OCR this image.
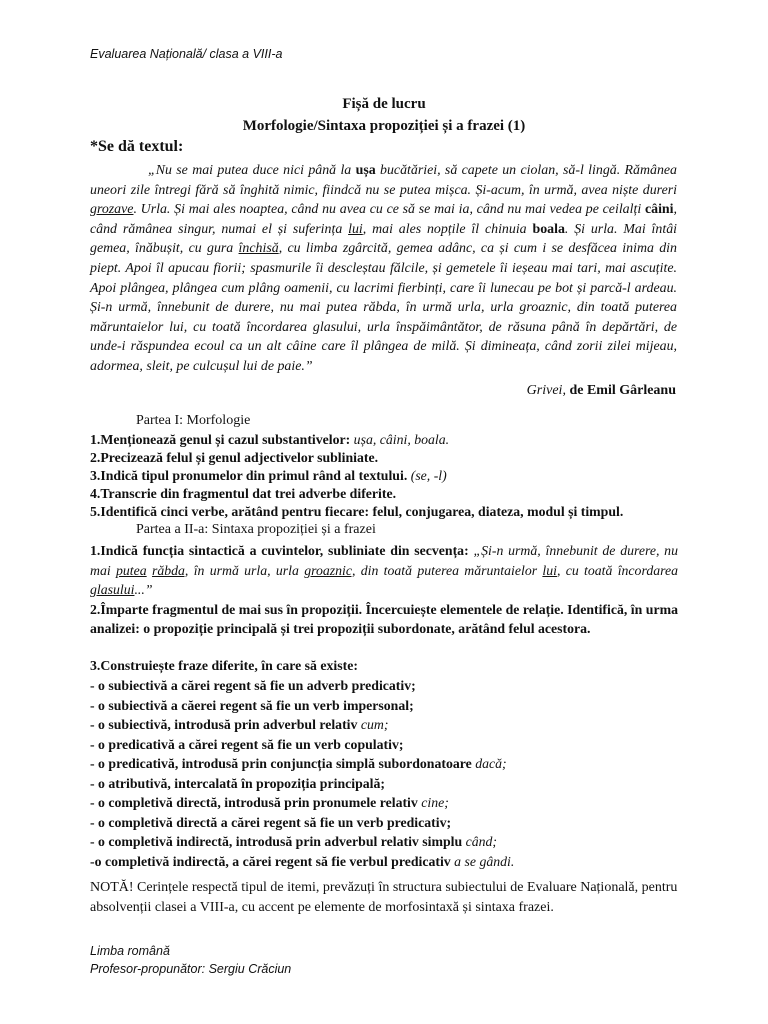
Evaluarea Națională/ clasa a VIII-a
Fișă de lucru
Morfologie/Sintaxa propoziției și a frazei (1)
*Se dă textul:

„Nu se mai putea duce nici până la ușa bucătăriei, să capete un ciolan, să-l lingă. Rămânea uneori zile întregi fără să înghită nimic, fiindcă nu se putea mișca. Și-acum, în urmă, avea niște dureri grozave. Urla. Și mai ales noaptea, când nu avea cu ce să se mai ia, când nu mai vedea pe ceilalți câini, când rămânea singur, numai el și suferința lui, mai ales nopțile îl chinuia boala. Și urla. Mai întâi gemea, înăbușit, cu gura închisă, cu limba zgârcită, gemea adânc, ca și cum i se desfăcea inima din piept. Apoi îl apucau fiorii; spasmurile îi descleștau fălcile, și gemetele îi ieșeau mai tari, mai ascuțite. Apoi plângea, plângea cum plâng oamenii, cu lacrimi fierbinți, care îi lunecau pe bot și parcă-l ardeau. Și-n urmă, înnebunit de durere, nu mai putea răbda, în urmă urla, urla groaznic, din toată puterea măruntaielor lui, cu toată încordarea glasului, urla înspăimântător, de răsuna până în depărtări, de unde-i răspundea ecoul ca un alt câine care îl plângea de milă. Și dimineața, când zorii zilei mijeau, adormea, sleit, pe culcușul lui de paie.”

Grivei, de Emil Gârleanu
Partea I: Morfologie

1.Menționează genul și cazul substantivelor: ușa, câini, boala.

2.Precizează felul și genul adjectivelor subliniate.

3.Indică tipul pronumelor din primul rând al textului. (se, -l)

4.Transcrie din fragmentul dat trei adverbe diferite.

5.Identifică cinci verbe, arătând pentru fiecare: felul, conjugarea, diateza, modul și timpul.

Partea a II-a: Sintaxa propoziției și a frazei

1.Indică funcția sintactică a cuvintelor, subliniate din secvența: „Și-n urmă, înnebunit de durere, nu mai putea răbda, în urmă urla, urla groaznic, din toată puterea măruntaielor lui, cu toată încordarea glasului...”

2.Împarte fragmentul de mai sus în propoziții. Încercuiește elementele de relație. Identifică, în urma analizei: o propoziție principală și trei propoziții subordonate, arătând felul acestora.

3.Construiește fraze diferite, în care să existe:

- o subiectivă a cărei regent să fie un adverb predicativ;
- o subiectivă a căerei regent să fie un verb impersonal;
- o subiectivă, introdusă prin adverbul relativ cum;
- o predicativă a cărei regent să fie un verb copulativ;
- o predicativă, introdusă prin conjuncția simplă subordonatoare dacă;
- o atributivă, intercalată în propoziția principală;
- o completivă directă, introdusă prin pronumele relativ cine;
- o completivă directă a cărei regent să fie un verb predicativ;
- o completivă indirectă, introdusă prin adverbul relativ simplu când;
-o completivă indirectă, a cărei regent să fie verbul predicativ a se gândi.

NOTĂ! Cerințele respectă tipul de itemi, prevăzuți în structura subiectului de Evaluare Națională, pentru absolvenții clasei a VIII-a, cu accent pe elemente de morfosintaxă și sintaxa frazei.

Limba română
Profesor-propunător: Sergiu Crăciun
